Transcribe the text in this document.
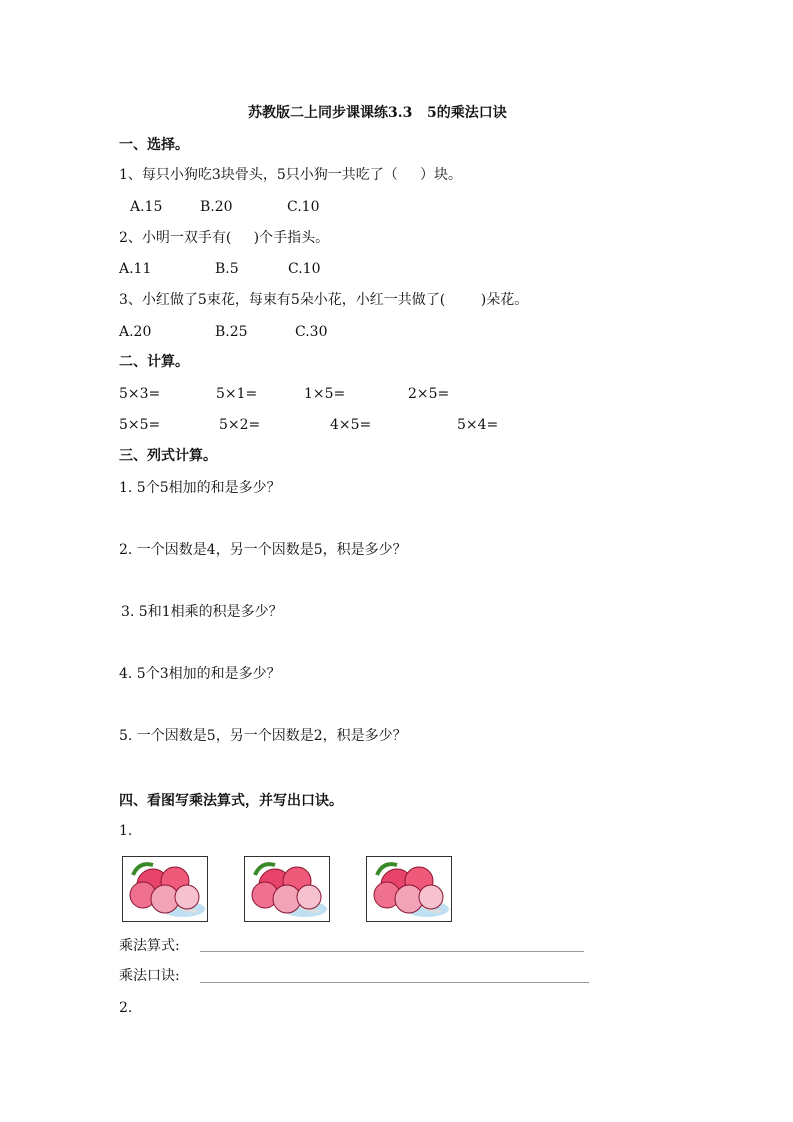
苏教版二上同步课课练3.3   5的乘法口诀
一、选择。
1、每只小狗吃3块骨头，5只小狗一共吃了（     ）块。
A.15	B.20	C.10
2、小明一双手有(     )个手指头。
A.11	B.5	C.10
3、小红做了5束花，每束有5朵小花，小红一共做了(        )朵花。
A.20	B.25	C.30
二、计算。
5×3=	5×1=	1×5=	2×5=
5×5=	5×2=	4×5=	5×4=
三、列式计算。
1. 5个5相加的和是多少？
2. 一个因数是4，另一个因数是5，积是多少？
3. 5和1相乘的积是多少？
4. 5个3相加的和是多少？
5. 一个因数是5，另一个因数是2，积是多少？
四、看图写乘法算式，并写出口诀。
1.
乘法算式:
乘法口诀:
2.
